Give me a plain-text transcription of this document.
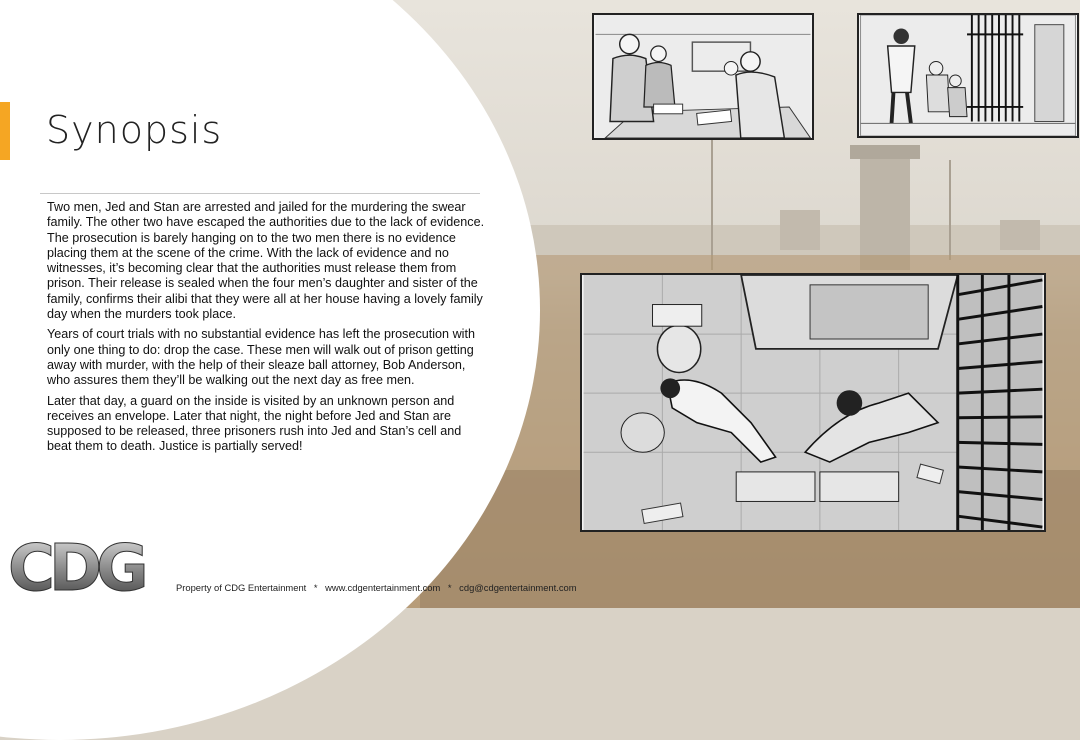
Synopsis

Two men, Jed and Stan are arrested and jailed for the murdering the swear family. The other two have escaped the authorities due to the lack of evidence. The prosecution is barely hanging on to the two men there is no evidence placing them at the scene of the crime. With the lack of evidence and no witnesses, it’s becoming clear that the authorities must release them from prison. Their release is sealed when the four men’s daughter and sister of the family, confirms their alibi that they were all at her house having a lovely family day when the murders took place.

Years of court trials with no substantial evidence has left the prosecution with only one thing to do: drop the case. These men will walk out of prison getting away with murder, with the help of their sleaze ball attorney, Bob Anderson, who assures them they’ll be walking out the next day as free men.

Later that day, a guard on the inside is visited by an unknown person and receives an envelope. Later that night, the night before Jed and Stan are supposed to be released, three prisoners rush into Jed and Stan’s cell and beat them to death. Justice is partially served!

CDG	Property of CDG Entertainment * www.cdgentertainment.com * cdg@cdgentertainment.com
